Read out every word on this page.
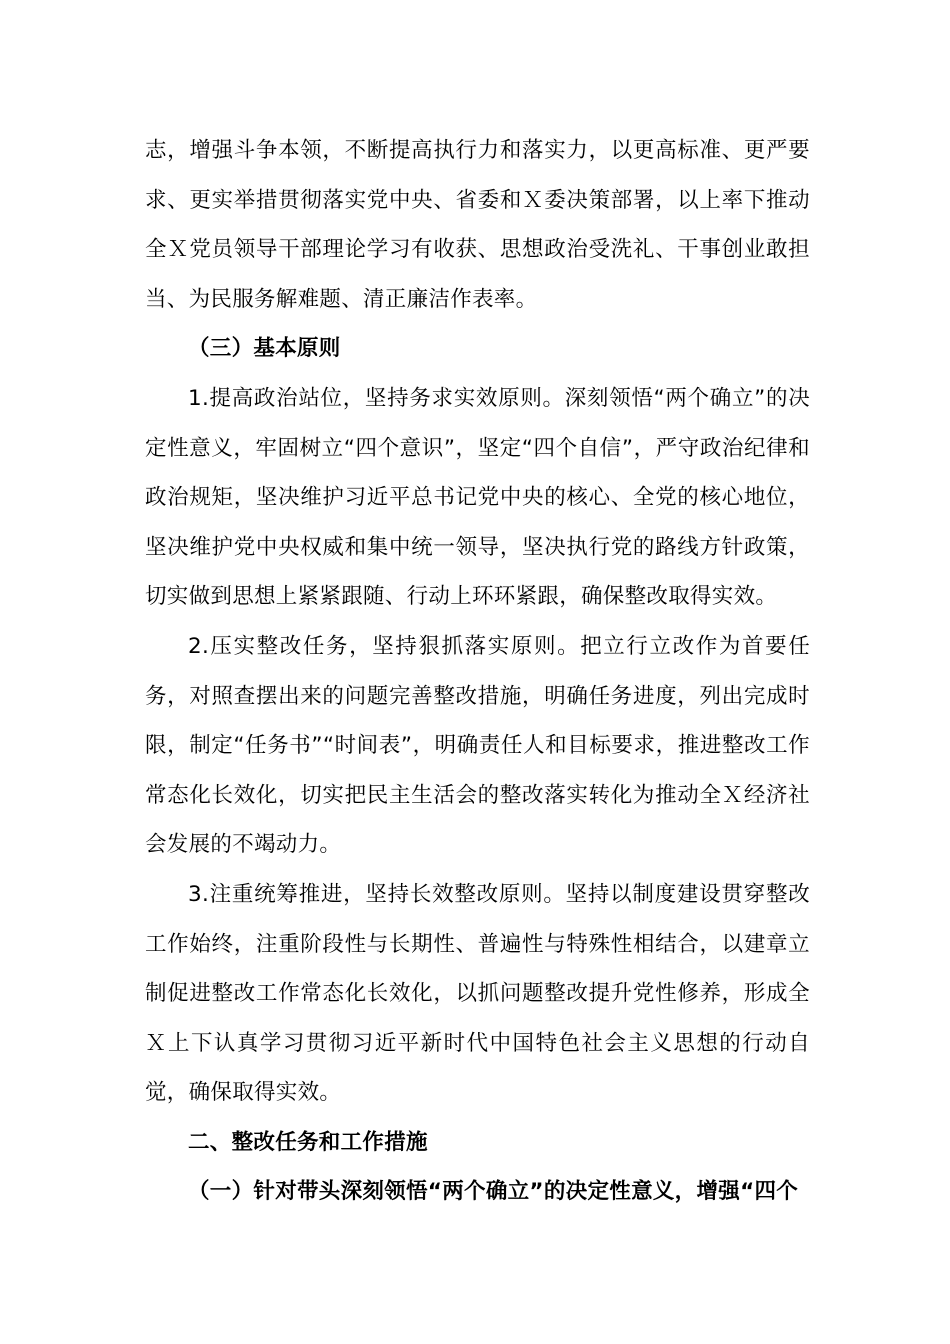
志，增强斗争本领，不断提高执行力和落实力，以更高标准、更严要求、更实举措贯彻落实党中央、省委和Ｘ委决策部署，以上率下推动全Ｘ党员领导干部理论学习有收获、思想政治受洗礼、干事创业敢担当、为民服务解难题、清正廉洁作表率。

（三）基本原则

1.提高政治站位，坚持务求实效原则。深刻领悟“两个确立”的决定性意义，牢固树立“四个意识”，坚定“四个自信”，严守政治纪律和政治规矩，坚决维护习近平总书记党中央的核心、全党的核心地位，坚决维护党中央权威和集中统一领导，坚决执行党的路线方针政策，切实做到思想上紧紧跟随、行动上环环紧跟，确保整改取得实效。

2.压实整改任务，坚持狠抓落实原则。把立行立改作为首要任务，对照查摆出来的问题完善整改措施，明确任务进度，列出完成时限，制定“任务书”“时间表”，明确责任人和目标要求，推进整改工作常态化长效化，切实把民主生活会的整改落实转化为推动全Ｘ经济社会发展的不竭动力。

3.注重统筹推进，坚持长效整改原则。坚持以制度建设贯穿整改工作始终，注重阶段性与长期性、普遍性与特殊性相结合，以建章立制促进整改工作常态化长效化，以抓问题整改提升党性修养，形成全Ｘ上下认真学习贯彻习近平新时代中国特色社会主义思想的行动自觉，确保取得实效。

二、整改任务和工作措施

（一）针对带头深刻领悟“两个确立”的决定性意义，增强“四个
